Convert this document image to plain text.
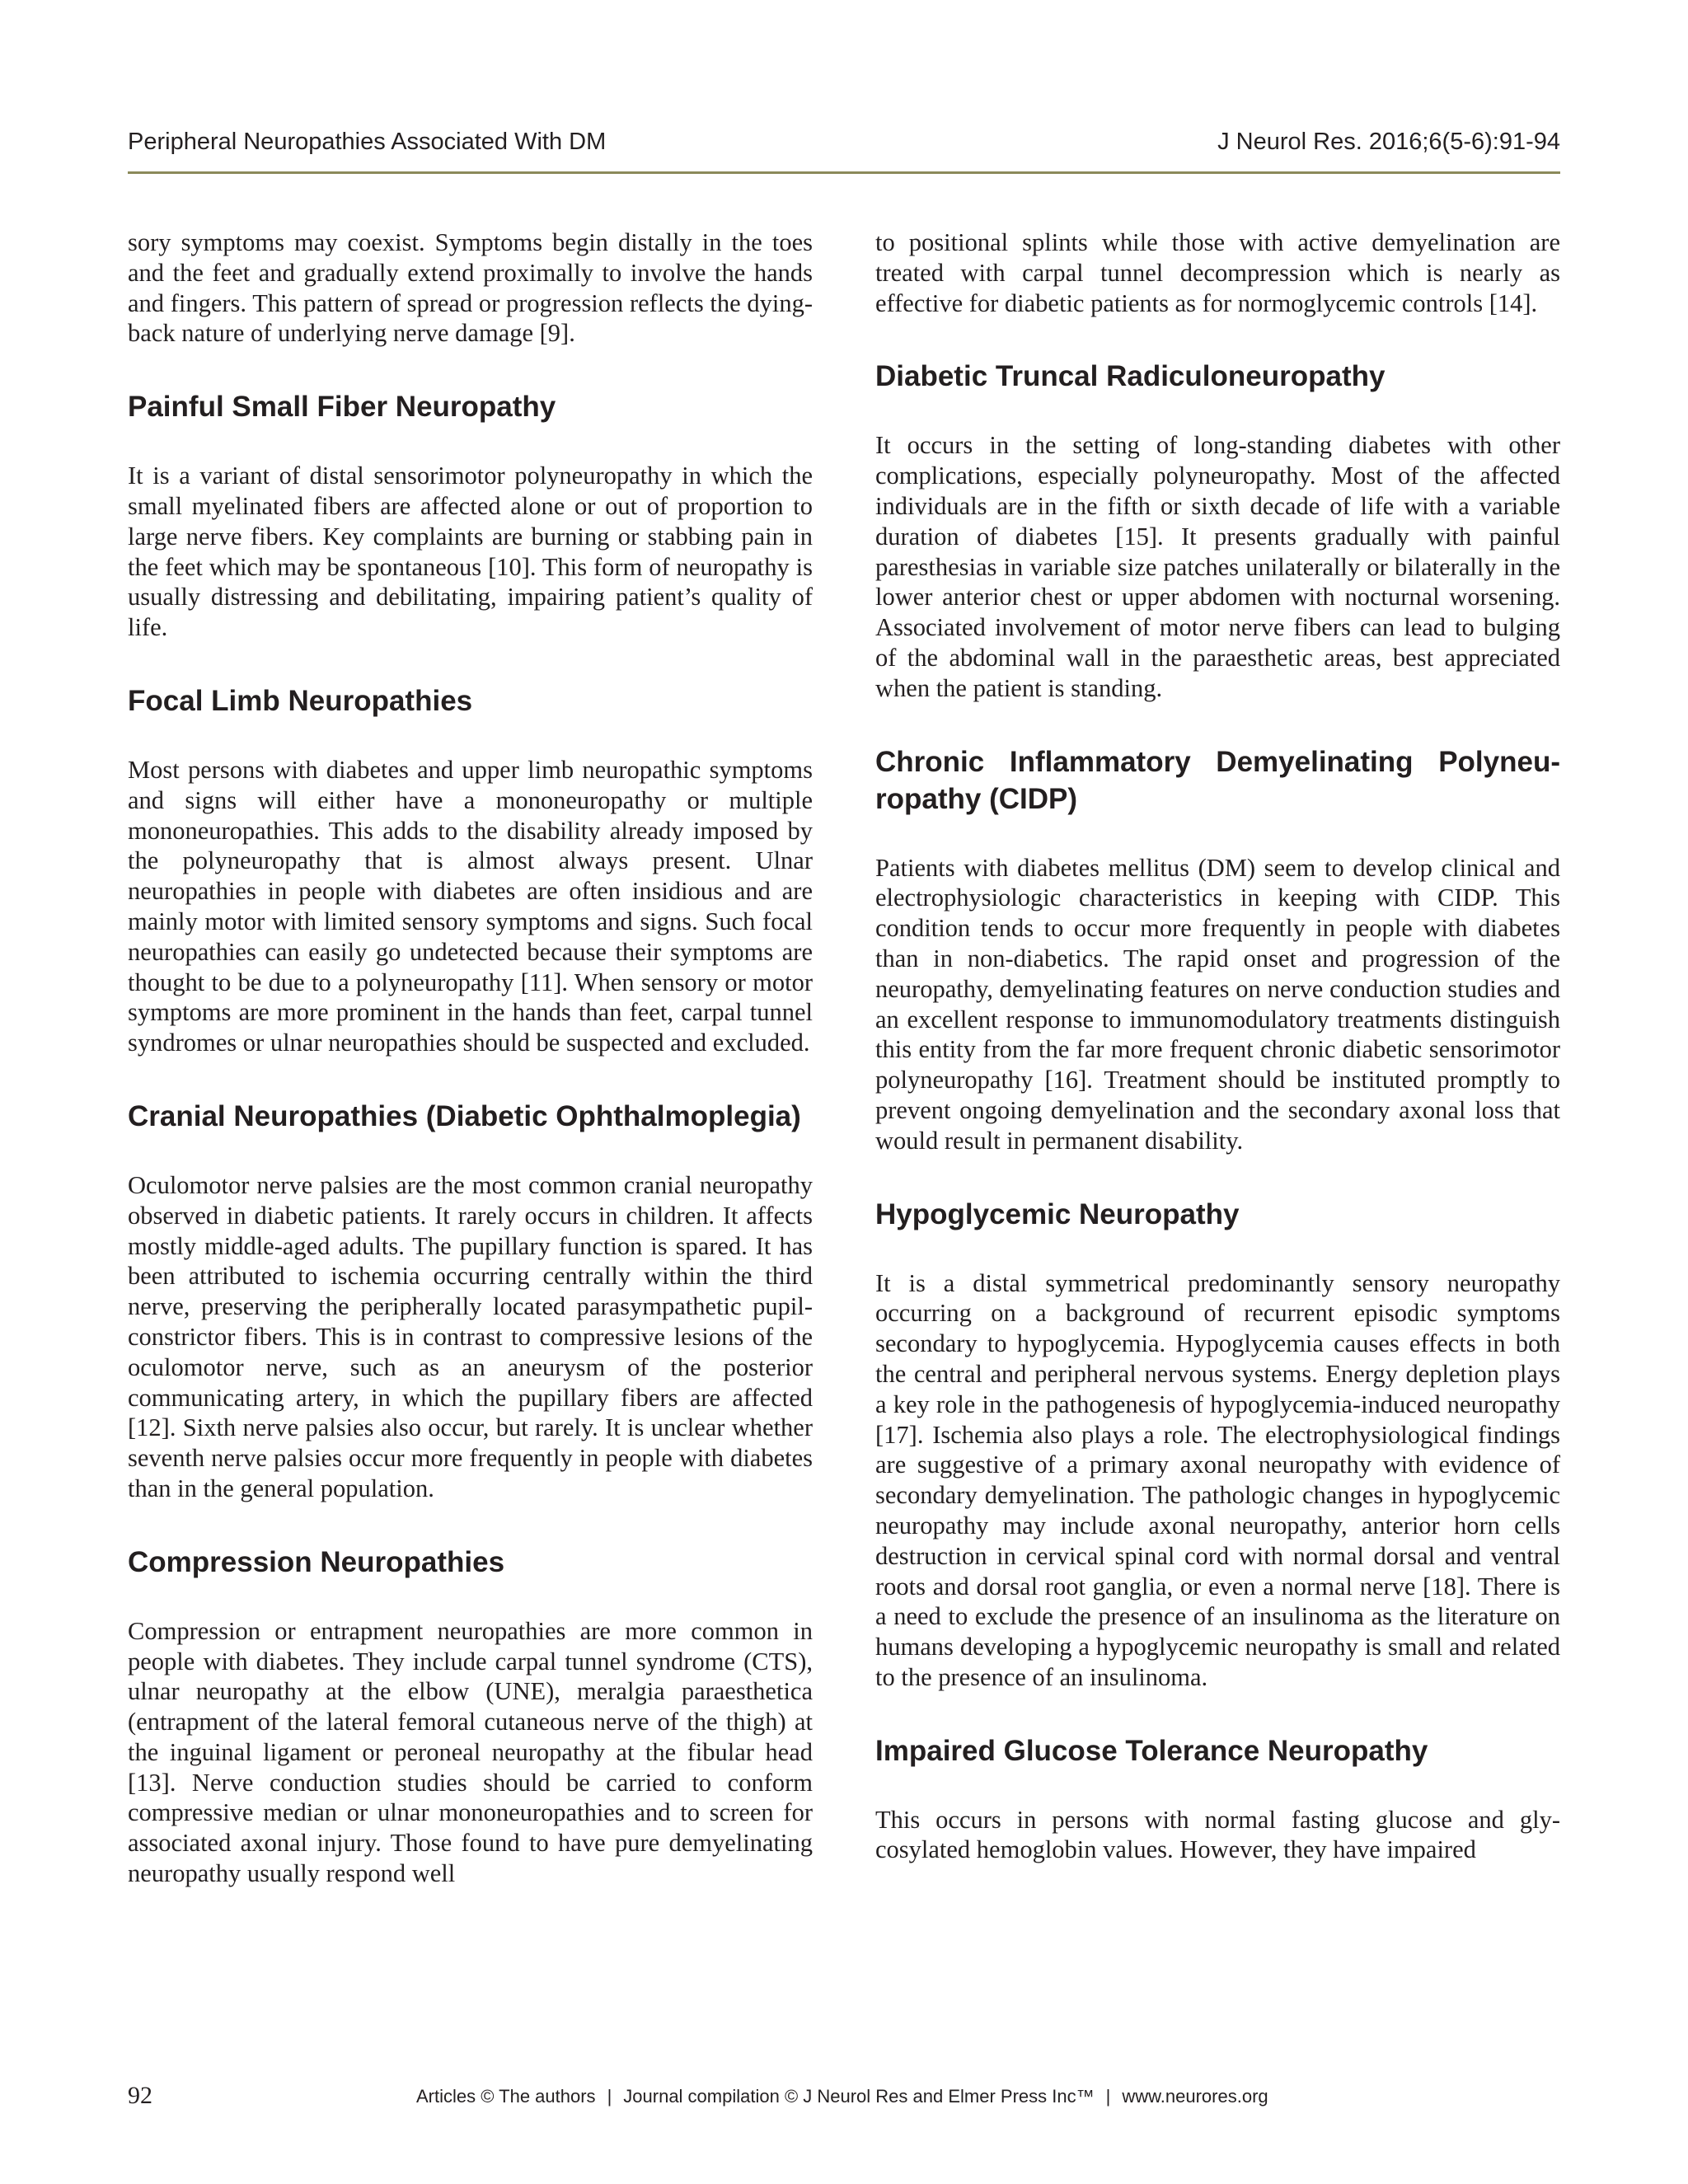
Peripheral Neuropathies Associated With DM	J Neurol Res. 2016;6(5-6):91-94

sory symptoms may coexist. Symptoms begin distally in the toes and the feet and gradually extend proximally to involve the hands and fingers. This pattern of spread or progression reflects the dying-back nature of underlying nerve damage [9].

Painful Small Fiber Neuropathy

It is a variant of distal sensorimotor polyneuropathy in which the small myelinated fibers are affected alone or out of proportion to large nerve fibers. Key complaints are burning or stabbing pain in the feet which may be spontaneous [10]. This form of neuropathy is usually distressing and debilitating, impairing patient’s quality of life.

Focal Limb Neuropathies

Most persons with diabetes and upper limb neuropathic symptoms and signs will either have a mononeuropathy or multiple mononeuropathies. This adds to the disability already imposed by the polyneuropathy that is almost always present. Ulnar neuropathies in people with diabetes are often insidious and are mainly motor with limited sensory symptoms and signs. Such focal neuropathies can easily go undetected because their symptoms are thought to be due to a polyneuropathy [11]. When sensory or motor symptoms are more prominent in the hands than feet, carpal tunnel syndromes or ulnar neuropathies should be suspected and excluded.

Cranial Neuropathies (Diabetic Ophthalmoplegia)

Oculomotor nerve palsies are the most common cranial neuropathy observed in diabetic patients. It rarely occurs in children. It affects mostly middle-aged adults. The pupillary function is spared. It has been attributed to ischemia occurring centrally within the third nerve, preserving the peripherally located parasympathetic pupil-constrictor fibers. This is in contrast to compressive lesions of the oculomotor nerve, such as an aneurysm of the posterior communicating artery, in which the pupillary fibers are affected [12]. Sixth nerve palsies also occur, but rarely. It is unclear whether seventh nerve palsies occur more frequently in people with diabetes than in the general population.

Compression Neuropathies

Compression or entrapment neuropathies are more common in people with diabetes. They include carpal tunnel syndrome (CTS), ulnar neuropathy at the elbow (UNE), meralgia paraesthetica (entrapment of the lateral femoral cutaneous nerve of the thigh) at the inguinal ligament or peroneal neuropathy at the fibular head [13]. Nerve conduction studies should be carried to conform compressive median or ulnar mononeuropathies and to screen for associated axonal injury. Those found to have pure demyelinating neuropathy usually respond well

to positional splints while those with active demyelination are treated with carpal tunnel decompression which is nearly as effective for diabetic patients as for normoglycemic controls [14].

Diabetic Truncal Radiculoneuropathy

It occurs in the setting of long-standing diabetes with other complications, especially polyneuropathy. Most of the affected individuals are in the fifth or sixth decade of life with a variable duration of diabetes [15]. It presents gradually with painful paresthesias in variable size patches unilaterally or bilaterally in the lower anterior chest or upper abdomen with nocturnal worsening. Associated involvement of motor nerve fibers can lead to bulging of the abdominal wall in the paraesthetic areas, best appreciated when the patient is standing.

Chronic Inflammatory Demyelinating Polyneuropathy (CIDP)

Patients with diabetes mellitus (DM) seem to develop clinical and electrophysiologic characteristics in keeping with CIDP. This condition tends to occur more frequently in people with diabetes than in non-diabetics. The rapid onset and progression of the neuropathy, demyelinating features on nerve conduction studies and an excellent response to immunomodulatory treatments distinguish this entity from the far more frequent chronic diabetic sensorimotor polyneuropathy [16]. Treatment should be instituted promptly to prevent ongoing demyelination and the secondary axonal loss that would result in permanent disability.

Hypoglycemic Neuropathy

It is a distal symmetrical predominantly sensory neuropathy occurring on a background of recurrent episodic symptoms secondary to hypoglycemia. Hypoglycemia causes effects in both the central and peripheral nervous systems. Energy depletion plays a key role in the pathogenesis of hypoglycemia-induced neuropathy [17]. Ischemia also plays a role. The electrophysiological findings are suggestive of a primary axonal neuropathy with evidence of secondary demyelination. The pathologic changes in hypoglycemic neuropathy may include axonal neuropathy, anterior horn cells destruction in cervical spinal cord with normal dorsal and ventral roots and dorsal root ganglia, or even a normal nerve [18]. There is a need to exclude the presence of an insulinoma as the literature on humans developing a hypoglycemic neuropathy is small and related to the presence of an insulinoma.

Impaired Glucose Tolerance Neuropathy

This occurs in persons with normal fasting glucose and glycosylated hemoglobin values. However, they have impaired

92	Articles © The authors | Journal compilation © J Neurol Res and Elmer Press Inc™ | www.neurores.org
